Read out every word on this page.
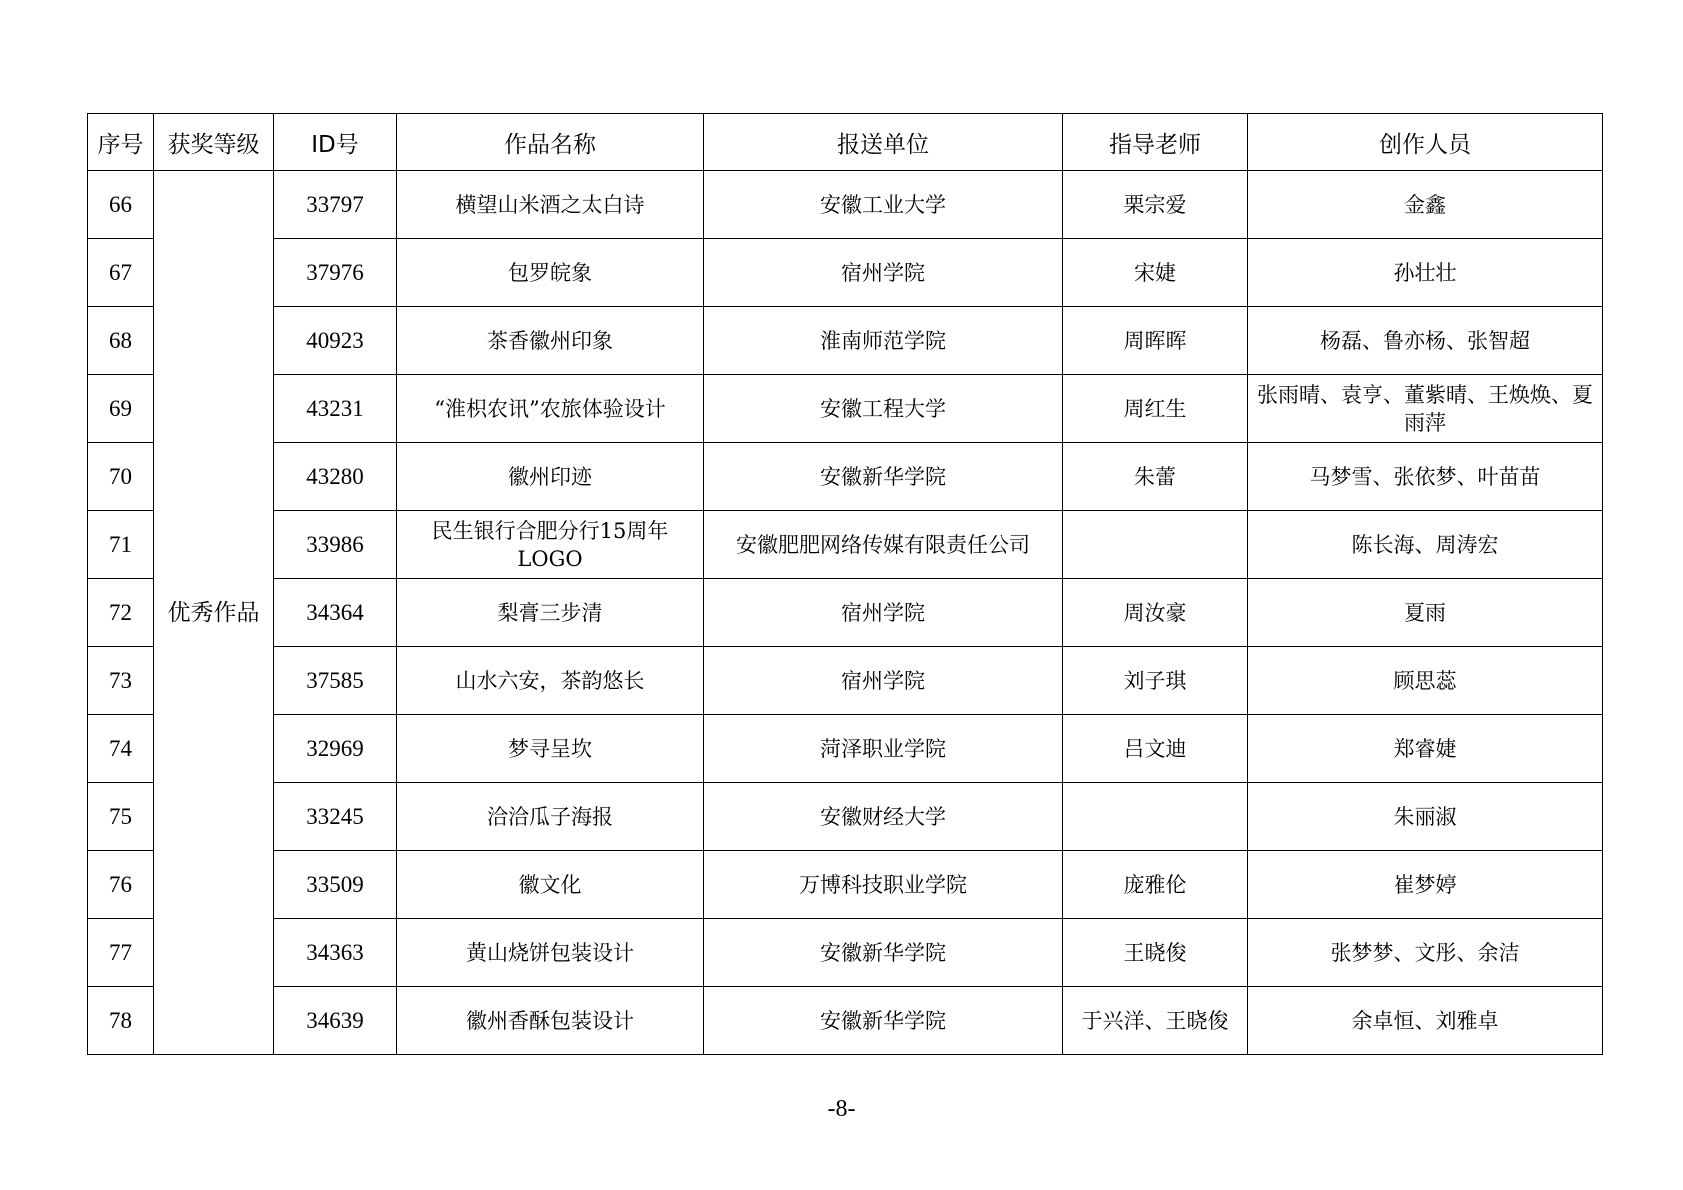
序号	获奖等级	ID号	作品名称	报送单位	指导老师	创作人员
66	优秀作品	33797	横望山米酒之太白诗	安徽工业大学	栗宗爱	金鑫
67		37976	包罗皖象	宿州学院	宋婕	孙壮壮
68		40923	茶香徽州印象	淮南师范学院	周晖晖	杨磊、鲁亦杨、张智超
69		43231	“淮枳农讯”农旅体验设计	安徽工程大学	周红生	张雨晴、袁亨、董紫晴、王焕焕、夏雨萍
70		43280	徽州印迹	安徽新华学院	朱蕾	马梦雪、张依梦、叶苗苗
71		33986	民生银行合肥分行15周年LOGO	安徽肥肥网络传媒有限责任公司		陈长海、周涛宏
72		34364	梨膏三步清	宿州学院	周汝豪	夏雨
73		37585	山水六安，茶韵悠长	宿州学院	刘子琪	顾思蕊
74		32969	梦寻呈坎	菏泽职业学院	吕文迪	郑睿婕
75		33245	洽洽瓜子海报	安徽财经大学		朱丽淑
76		33509	徽文化	万博科技职业学院	庞雅伦	崔梦婷
77		34363	黄山烧饼包装设计	安徽新华学院	王晓俊	张梦梦、文彤、余洁
78		34639	徽州香酥包装设计	安徽新华学院	于兴洋、王晓俊	余卓恒、刘雅卓
-8-
